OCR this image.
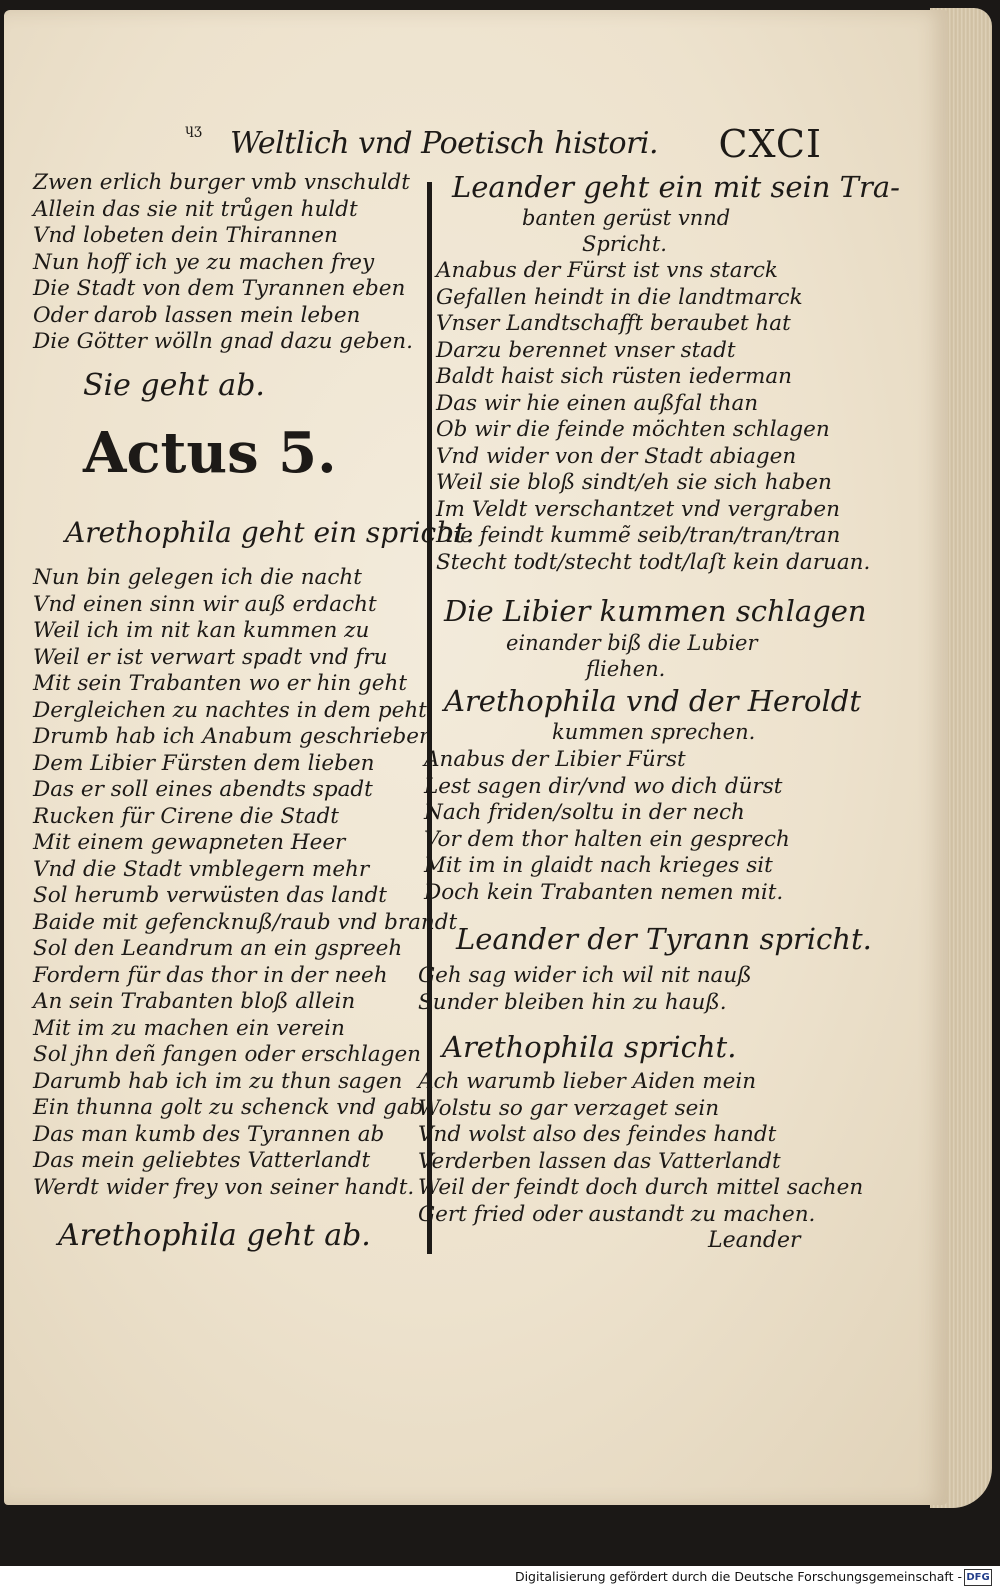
ɥʒ Weltlich vnd Poetisch histori. CXCI
Zwen erlich burger vmb vnschuldt
Allein das sie nit trůgen huldt
Vnd lobeten dein Thirannen
Nun hoff ich ye zu machen frey
Die Stadt von dem Tyrannen eben
Oder darob lassen mein leben
Die Götter wölln gnad dazu geben.
Sie geht ab.
Actus 5.
Arethophila geht ein spricht.
Nun bin gelegen ich die nacht
Vnd einen sinn wir auß erdacht
Weil ich im nit kan kummen zu
Weil er ist verwart spadt vnd fru
Mit sein Trabanten wo er hin geht
Dergleichen zu nachtes in dem peht
Drumb hab ich Anabum geschrieben
Dem Libier Fürsten dem lieben
Das er soll eines abendts spadt
Rucken für Cirene die Stadt
Mit einem gewapneten Heer
Vnd die Stadt vmblegern mehr
Sol herumb verwüsten das landt
Baide mit gefencknuß/raub vnd brandt
Sol den Leandrum an ein gspreeh
Fordern für das thor in der neeh
An sein Trabanten bloß allein
Mit im zu machen ein verein
Sol jhn deñ fangen oder erschlagen
Darumb hab ich im zu thun sagen
Ein thunna golt zu schenck vnd gab
Das man kumb des Tyrannen ab
Das mein geliebtes Vatterlandt
Werdt wider frey von seiner handt.
Arethophila geht ab.
Leander geht ein mit sein Tra-
banten gerüst vnnd
Spricht.
Anabus der Fürst ist vns starck
Gefallen heindt in die landtmarck
Vnser Landtschafft beraubet hat
Darzu berennet vnser stadt
Baldt haist sich rüsten iederman
Das wir hie einen außfal than
Ob wir die feinde möchten schlagen
Vnd wider von der Stadt abiagen
Weil sie bloß sindt/eh sie sich haben
Im Veldt verschantzet vnd vergraben
Die feindt kummẽ seib/tran/tran/tran
Stecht todt/stecht todt/laſt kein daruan.
Die Libier kummen schlagen
einander biß die Lubier
fliehen.
Arethophila vnd der Heroldt
kummen sprechen.
Anabus der Libier Fürst
Lest sagen dir/vnd wo dich dürst
Nach friden/soltu in der nech
Vor dem thor halten ein gesprech
Mit im in glaidt nach krieges sit
Doch kein Trabanten nemen mit.
Leander der Tyrann spricht.
Geh sag wider ich wil nit nauß
Sunder bleiben hin zu hauß.
Arethophila spricht.
Ach warumb lieber Aiden mein
Wolstu so gar verzaget sein
Vnd wolst also des feindes handt
Verderben lassen das Vatterlandt
Weil der feindt doch durch mittel sachen
Gert fried oder austandt zu machen.
Leander
Digitalisierung gefördert durch die Deutsche Forschungsgemeinschaft - DFG
